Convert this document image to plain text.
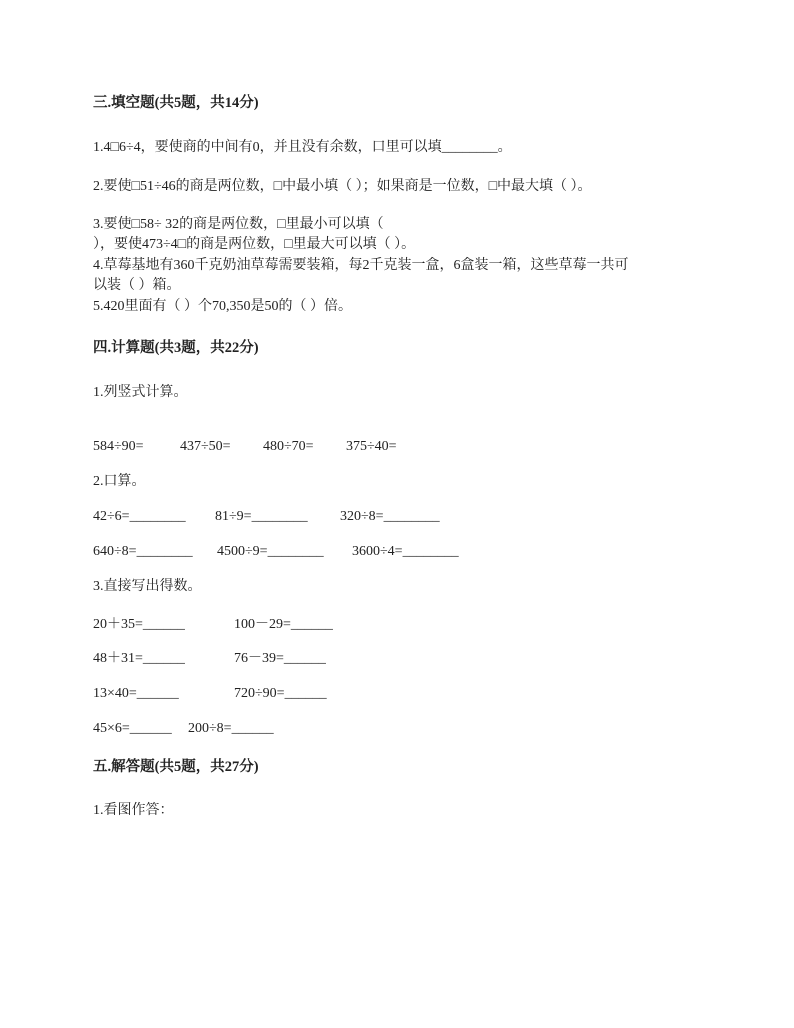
三.填空题(共5题，共14分)
1.4□6÷4，要使商的中间有0，并且没有余数，口里可以填________。
2.要使□51÷46的商是两位数，□中最小填（ ）；如果商是一位数，□中最大填（ ）。
3.要使□58÷ 32的商是两位数，□里最小可以填（
），要使473÷4□的商是两位数，□里最大可以填（ ）。
4.草莓基地有360千克奶油草莓需要装箱，每2千克装一盒，6盒装一箱，这些草莓一共可
以装（ ）箱。
5.420里面有（ ）个70,350是50的（ ）倍。
四.计算题(共3题，共22分)
1.列竖式计算。
584÷90=	437÷50= 480÷70= 375÷40=
2.口算。
42÷6=________ 81÷9=________ 320÷8=________
640÷8=________ 4500÷9=________ 3600÷4=________
3.直接写出得数。
20＋35=______	100－29=______
48＋31=______	76－39=______
13×40=______	720÷90=______
45×6=______ 200÷8=______
五.解答题(共5题，共27分)
1.看图作答：
